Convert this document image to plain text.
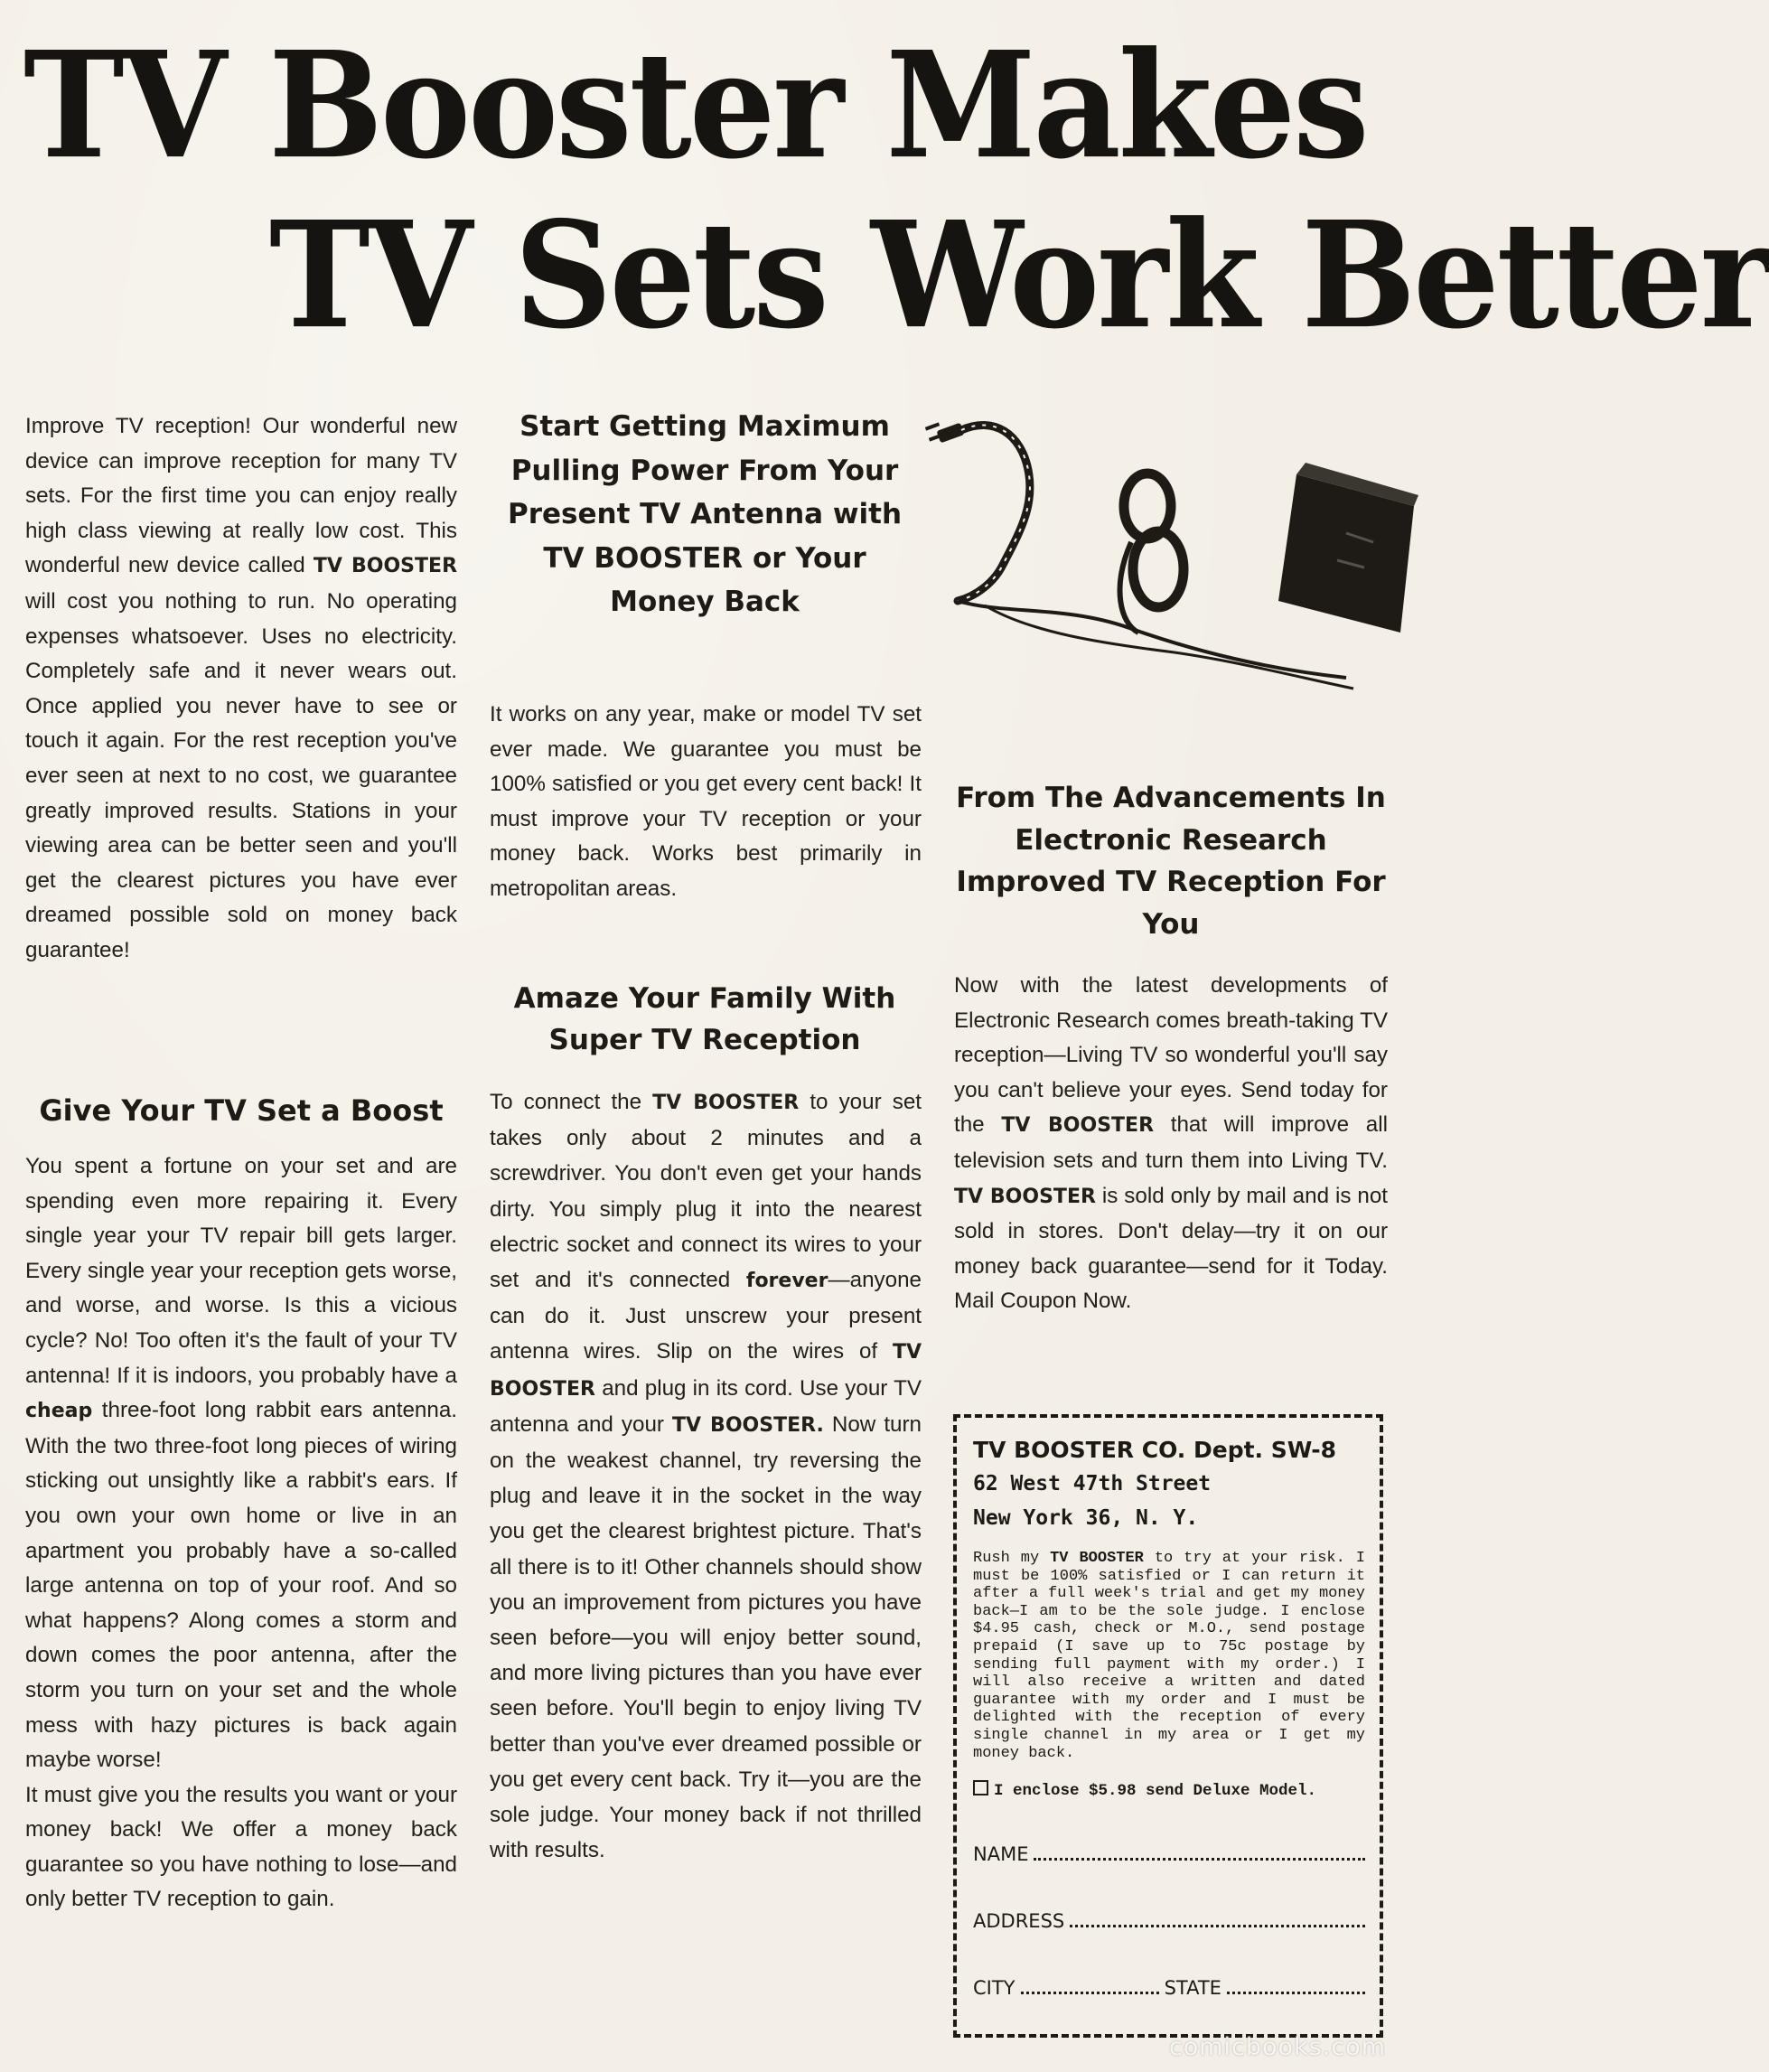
TV Booster Makes
TV Sets Work Better

Improve TV reception! Our wonderful new device can improve reception for many TV sets. For the first time you can enjoy really high class viewing at really low cost. This wonderful new device called TV BOOSTER will cost you nothing to run. No operating expenses whatsoever. Uses no electricity. Completely safe and it never wears out. Once applied you never have to see or touch it again. For the rest reception you've ever seen at next to no cost, we guarantee greatly improved results. Stations in your viewing area can be better seen and you'll get the clearest pictures you have ever dreamed possible sold on money back guarantee!

Give Your TV Set a Boost

You spent a fortune on your set and are spending even more repairing it. Every single year your TV repair bill gets larger. Every single year your reception gets worse, and worse, and worse. Is this a vicious cycle? No! Too often it's the fault of your TV antenna! If it is indoors, you probably have a cheap three-foot long rabbit ears antenna. With the two three-foot long pieces of wiring sticking out unsightly like a rabbit's ears. If you own your own home or live in an apartment you probably have a so-called large antenna on top of your roof. And so what happens? Along comes a storm and down comes the poor antenna, after the storm you turn on your set and the whole mess with hazy pictures is back again maybe worse!

It must give you the results you want or your money back! We offer a money back guarantee so you have nothing to lose—and only better TV reception to gain.

Start Getting Maximum Pulling Power From Your Present TV Antenna with TV BOOSTER or Your Money Back

It works on any year, make or model TV set ever made. We guarantee you must be 100% satisfied or you get every cent back! It must improve your TV reception or your money back. Works best primarily in metropolitan areas.

Amaze Your Family With Super TV Reception

To connect the TV BOOSTER to your set takes only about 2 minutes and a screwdriver. You don't even get your hands dirty. You simply plug it into the nearest electric socket and connect its wires to your set and it's connected forever—anyone can do it. Just unscrew your present antenna wires. Slip on the wires of TV BOOSTER and plug in its cord. Use your TV antenna and your TV BOOSTER. Now turn on the weakest channel, try reversing the plug and leave it in the socket in the way you get the clearest brightest picture. That's all there is to it! Other channels should show you an improvement from pictures you have seen before—you will enjoy better sound, and more living pictures than you have ever seen before. You'll begin to enjoy living TV better than you've ever dreamed possible or you get every cent back. Try it—you are the sole judge. Your money back if not thrilled with results.

From The Advancements In Electronic Research Improved TV Reception For You

Now with the latest developments of Electronic Research comes breath-taking TV reception—Living TV so wonderful you'll say you can't believe your eyes. Send today for the TV BOOSTER that will improve all television sets and turn them into Living TV. TV BOOSTER is sold only by mail and is not sold in stores. Don't delay—try it on our money back guarantee—send for it Today. Mail Coupon Now.

TV BOOSTER CO. Dept. SW-8

62 West 47th Street

New York 36, N. Y.

Rush my TV BOOSTER to try at your risk. I must be 100% satisfied or I can return it after a full week's trial and get my money back—I am to be the sole judge. I enclose $4.95 cash, check or M.O., send postage prepaid (I save up to 75c postage by sending full payment with my order.) I will also receive a written and dated guarantee with my order and I must be delighted with the reception of every single channel in my area or I get my money back.

I enclose $5.98 send Deluxe Model.

NAME
ADDRESS
CITY	STATE
comicbooks.com
